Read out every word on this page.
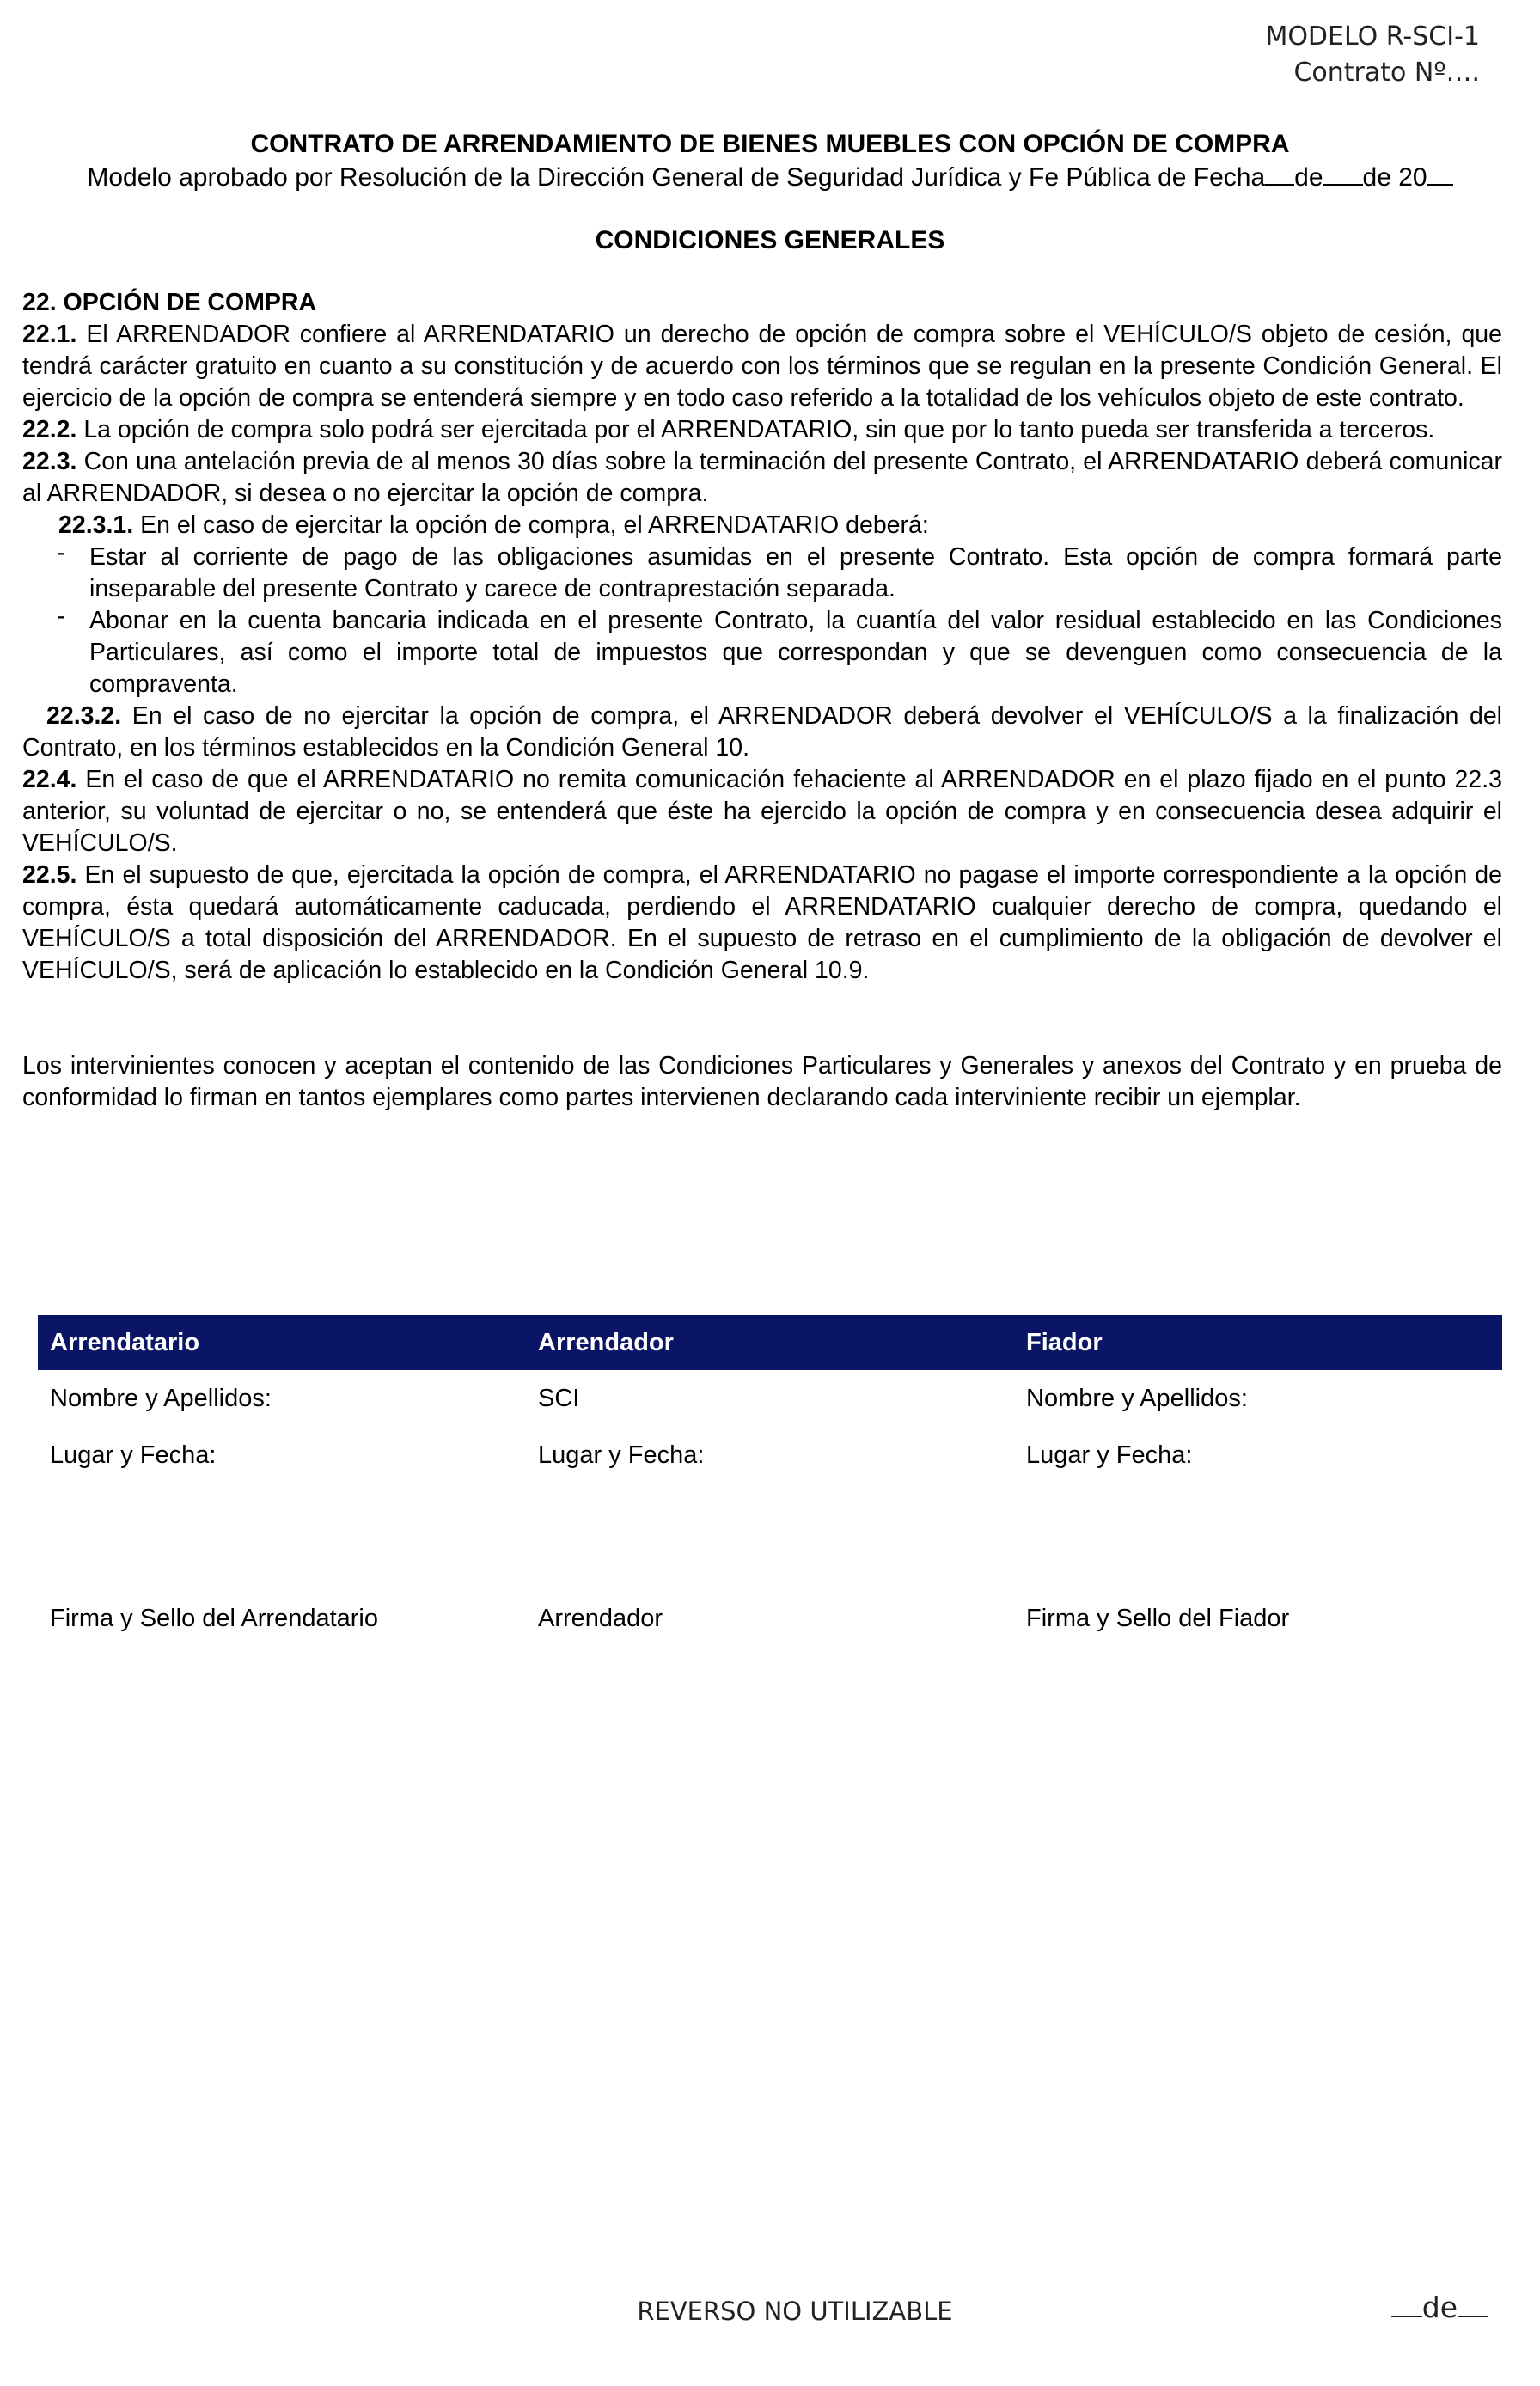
MODELO R-SCI-1
Contrato Nº….
CONTRATO DE ARRENDAMIENTO DE BIENES MUEBLES CON OPCIÓN DE COMPRA
Modelo aprobado por Resolución de la Dirección General de Seguridad Jurídica y Fe Pública de Fecha de de 20
CONDICIONES GENERALES

22. OPCIÓN DE COMPRA

22.1. El ARRENDADOR confiere al ARRENDATARIO un derecho de opción de compra sobre el VEHÍCULO/S objeto de cesión, que tendrá carácter gratuito en cuanto a su constitución y de acuerdo con los términos que se regulan en la presente Condición General. El ejercicio de la opción de compra se entenderá siempre y en todo caso referido a la totalidad de los vehículos objeto de este contrato.

22.2. La opción de compra solo podrá ser ejercitada por el ARRENDATARIO, sin que por lo tanto pueda ser transferida a terceros.

22.3. Con una antelación previa de al menos 30 días sobre la terminación del presente Contrato, el ARRENDATARIO deberá comunicar al ARRENDADOR, si desea o no ejercitar la opción de compra.

22.3.1. En el caso de ejercitar la opción de compra, el ARRENDATARIO deberá:

- Estar al corriente de pago de las obligaciones asumidas en el presente Contrato. Esta opción de compra formará parte inseparable del presente Contrato y carece de contraprestación separada.

- Abonar en la cuenta bancaria indicada en el presente Contrato, la cuantía del valor residual establecido en las Condiciones Particulares, así como el importe total de impuestos que correspondan y que se devenguen como consecuencia de la compraventa.

22.3.2. En el caso de no ejercitar la opción de compra, el ARRENDADOR deberá devolver el VEHÍCULO/S a la finalización del Contrato, en los términos establecidos en la Condición General 10.

22.4. En el caso de que el ARRENDATARIO no remita comunicación fehaciente al ARRENDADOR en el plazo fijado en el punto 22.3 anterior, su voluntad de ejercitar o no, se entenderá que éste ha ejercido la opción de compra y en consecuencia desea adquirir el VEHÍCULO/S.

22.5. En el supuesto de que, ejercitada la opción de compra, el ARRENDATARIO no pagase el importe correspondiente a la opción de compra, ésta quedará automáticamente caducada, perdiendo el ARRENDATARIO cualquier derecho de compra, quedando el VEHÍCULO/S a total disposición del ARRENDADOR. En el supuesto de retraso en el cumplimiento de la obligación de devolver el VEHÍCULO/S, será de aplicación lo establecido en la Condición General 10.9.

Los intervinientes conocen y aceptan el contenido de las Condiciones Particulares y Generales y anexos del Contrato y en prueba de conformidad lo firman en tantos ejemplares como partes intervienen declarando cada interviniente recibir un ejemplar.

Arrendatario	Arrendador	Fiador
Nombre y Apellidos:	SCI	Nombre y Apellidos:
Lugar y Fecha:	Lugar y Fecha:	Lugar y Fecha:
Firma y Sello del Arrendatario	Arrendador	Firma y Sello del Fiador
REVERSO NO UTILIZABLE	de
